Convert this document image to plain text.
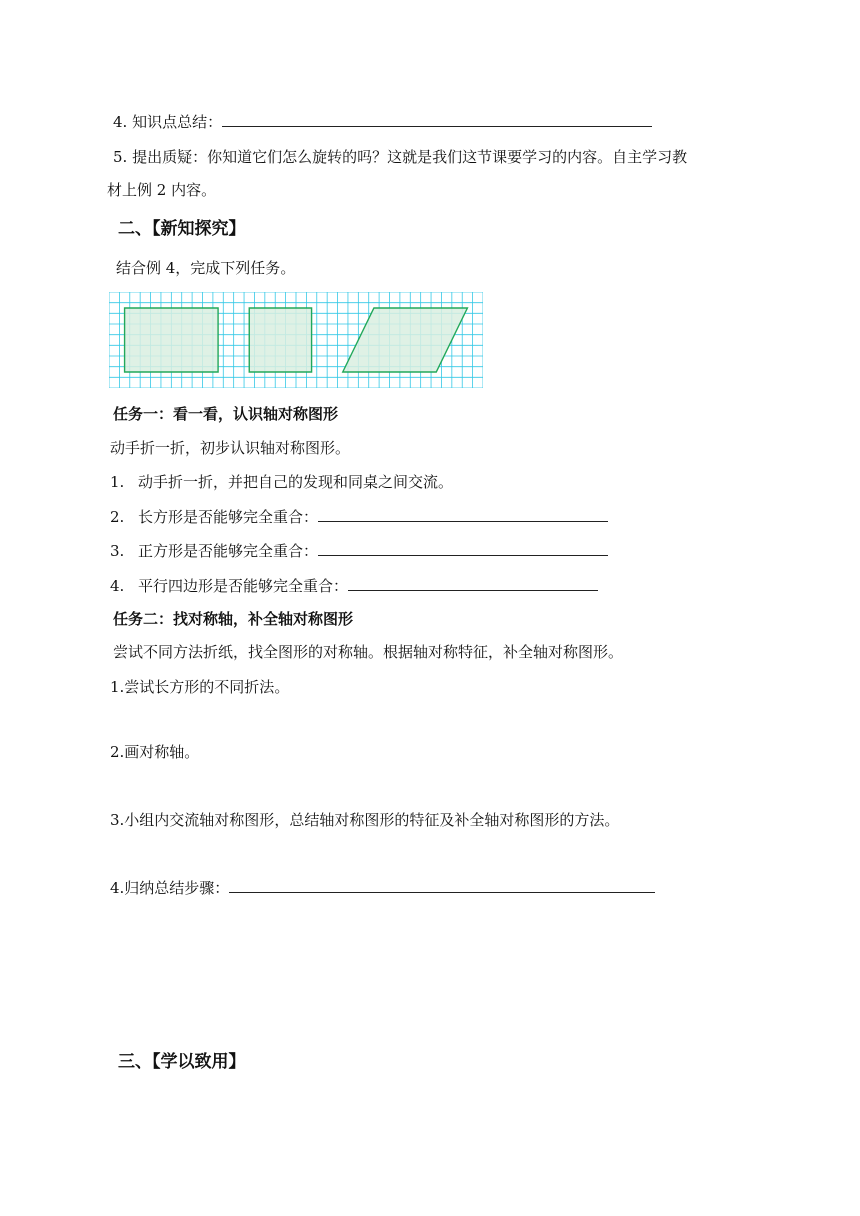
4. 知识点总结：
5. 提出质疑：你知道它们怎么旋转的吗？这就是我们这节课要学习的内容。自主学习教
材上例 2 内容。
二、【新知探究】
结合例 4，完成下列任务。
任务一：看一看，认识轴对称图形
动手折一折，初步认识轴对称图形。
1. 动手折一折，并把自己的发现和同桌之间交流。
2. 长方形是否能够完全重合：
3. 正方形是否能够完全重合：
4. 平行四边形是否能够完全重合：
任务二：找对称轴，补全轴对称图形
尝试不同方法折纸，找全图形的对称轴。根据轴对称特征，补全轴对称图形。
1.尝试长方形的不同折法。
2.画对称轴。
3.小组内交流轴对称图形，总结轴对称图形的特征及补全轴对称图形的方法。
4.归纳总结步骤：
三、【学以致用】
